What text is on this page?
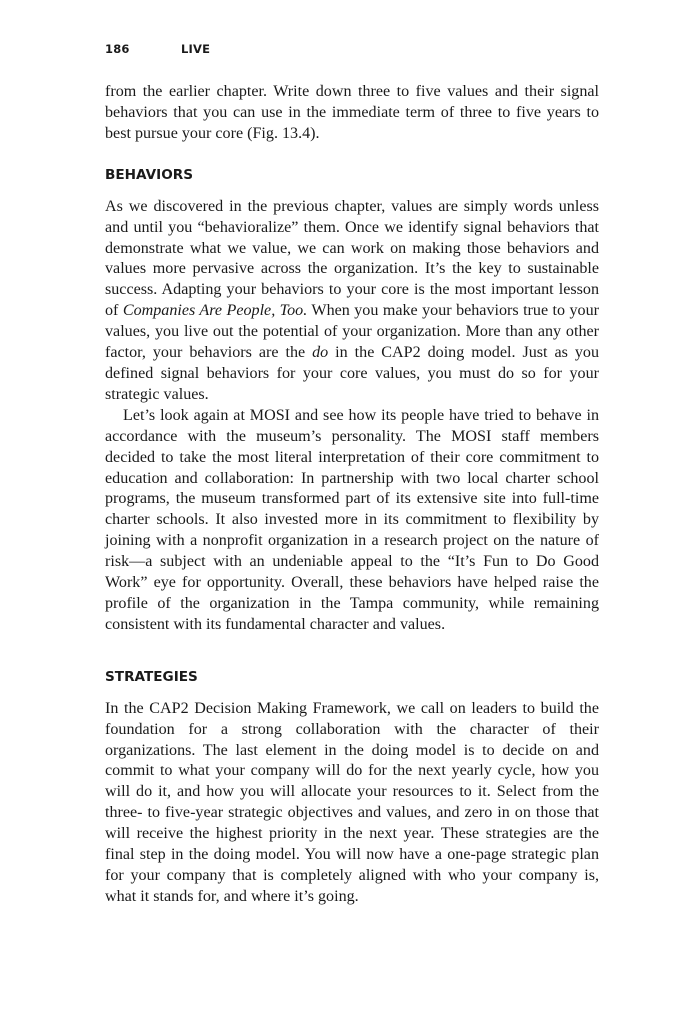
186	LIVE

from the earlier chapter. Write down three to five values and their signal behaviors that you can use in the immediate term of three to five years to best pursue your core (Fig. 13.4).

BEHAVIORS

As we discovered in the previous chapter, values are simply words unless and until you “behavioralize” them. Once we identify signal behaviors that demonstrate what we value, we can work on making those behaviors and values more pervasive across the organization. It’s the key to sustainable success. Adapting your behaviors to your core is the most important lesson of Companies Are People, Too. When you make your behaviors true to your values, you live out the potential of your organization. More than any other factor, your behaviors are the do in the CAP2 doing model. Just as you defined signal behaviors for your core values, you must do so for your strategic values.

Let’s look again at MOSI and see how its people have tried to behave in accordance with the museum’s personality. The MOSI staff members decided to take the most literal interpretation of their core commitment to education and collaboration: In partnership with two local charter school programs, the museum transformed part of its extensive site into full-time charter schools. It also invested more in its commitment to flexibility by joining with a nonprofit organization in a research project on the nature of risk—a subject with an undeniable appeal to the “It’s Fun to Do Good Work” eye for opportunity. Overall, these behaviors have helped raise the profile of the organization in the Tampa community, while remaining consistent with its fundamental character and values.

STRATEGIES

In the CAP2 Decision Making Framework, we call on leaders to build the foundation for a strong collaboration with the character of their organizations. The last element in the doing model is to decide on and commit to what your company will do for the next yearly cycle, how you will do it, and how you will allocate your resources to it. Select from the three- to five-year strategic objectives and values, and zero in on those that will receive the highest priority in the next year. These strategies are the final step in the doing model. You will now have a one-page strategic plan for your company that is completely aligned with who your company is, what it stands for, and where it’s going.
